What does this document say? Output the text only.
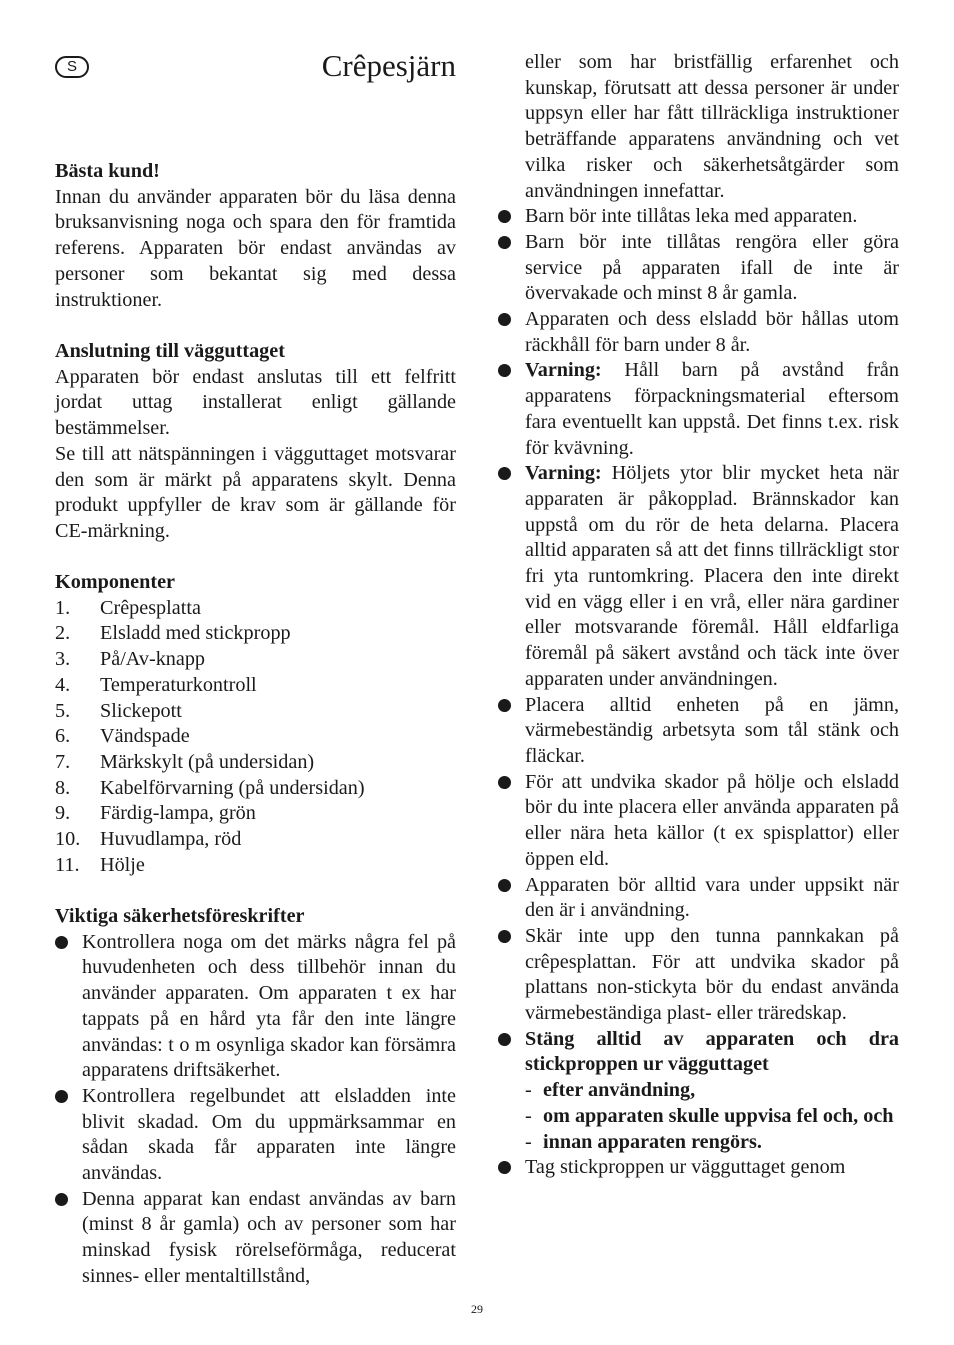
S	Crêpesjärn

Bästa kund!

Innan du använder apparaten bör du läsa denna bruksanvisning noga och spara den för framtida referens. Apparaten bör endast användas av personer som bekantat sig med dessa instruktioner.

Anslutning till vägguttaget

Apparaten bör endast anslutas till ett felfritt jordat uttag installerat enligt gällande bestämmelser.

Se till att nätspänningen i vägguttaget motsvarar den som är märkt på apparatens skylt. Denna produkt uppfyller de krav som är gällande för CE-märkning.

Komponenter

1.	Crêpesplatta
2.	Elsladd med stickpropp
3.	På/Av-knapp
4.	Temperaturkontroll
5.	Slickepott
6.	Vändspade
7.	Märkskylt (på undersidan)
8.	Kabelförvarning (på undersidan)
9.	Färdig-lampa, grön
10. Huvudlampa, röd
11.	Hölje

Viktiga säkerhetsföreskrifter

Kontrollera noga om det märks några fel på huvudenheten och dess tillbehör innan du använder apparaten. Om apparaten t ex har tappats på en hård yta får den inte längre användas: t o m osynliga skador kan försämra apparatens driftsäkerhet.
Kontrollera regelbundet att elsladden inte blivit skadad. Om du uppmärksammar en sådan skada får apparaten inte längre användas.
Denna apparat kan endast användas av barn (minst 8 år gamla) och av personer som har minskad fysisk rörelseförmåga, reducerat sinnes- eller mentaltillstånd,

eller som har bristfällig erfarenhet och kunskap, förutsatt att dessa personer är under uppsyn eller har fått tillräckliga instruktioner beträffande apparatens användning och vet vilka risker och säkerhetsåtgärder som användningen innefattar.

Barn bör inte tillåtas leka med apparaten.
Barn bör inte tillåtas rengöra eller göra service på apparaten ifall de inte är övervakade och minst 8 år gamla.
Apparaten och dess elsladd bör hållas utom räckhåll för barn under 8 år.
Varning: Håll barn på avstånd från apparatens förpackningsmaterial eftersom fara eventuellt kan uppstå. Det finns t.ex. risk för kvävning.
Varning: Höljets ytor blir mycket heta när apparaten är påkopplad. Brännskador kan uppstå om du rör de heta delarna. Placera alltid apparaten så att det finns tillräckligt stor fri yta runtomkring. Placera den inte direkt vid en vägg eller i en vrå, eller nära gardiner eller motsvarande föremål. Håll eldfarliga föremål på säkert avstånd och täck inte över apparaten under användningen.
Placera alltid enheten på en jämn, värmebeständig arbetsyta som tål stänk och fläckar.
För att undvika skador på hölje och elsladd bör du inte placera eller använda apparaten på eller nära heta källor (t ex spisplattor) eller öppen eld.
Apparaten bör alltid vara under uppsikt när den är i användning.
Skär inte upp den tunna pannkakan på crêpesplattan. För att undvika skador på plattans non-stickyta bör du endast använda värmebeständiga plast- eller träredskap.
Stäng alltid av apparaten och dra stickproppen ur vägguttaget
- efter användning,
- om apparaten skulle uppvisa fel och, och
- innan apparaten rengörs.
Tag stickproppen ur vägguttaget genom
29
